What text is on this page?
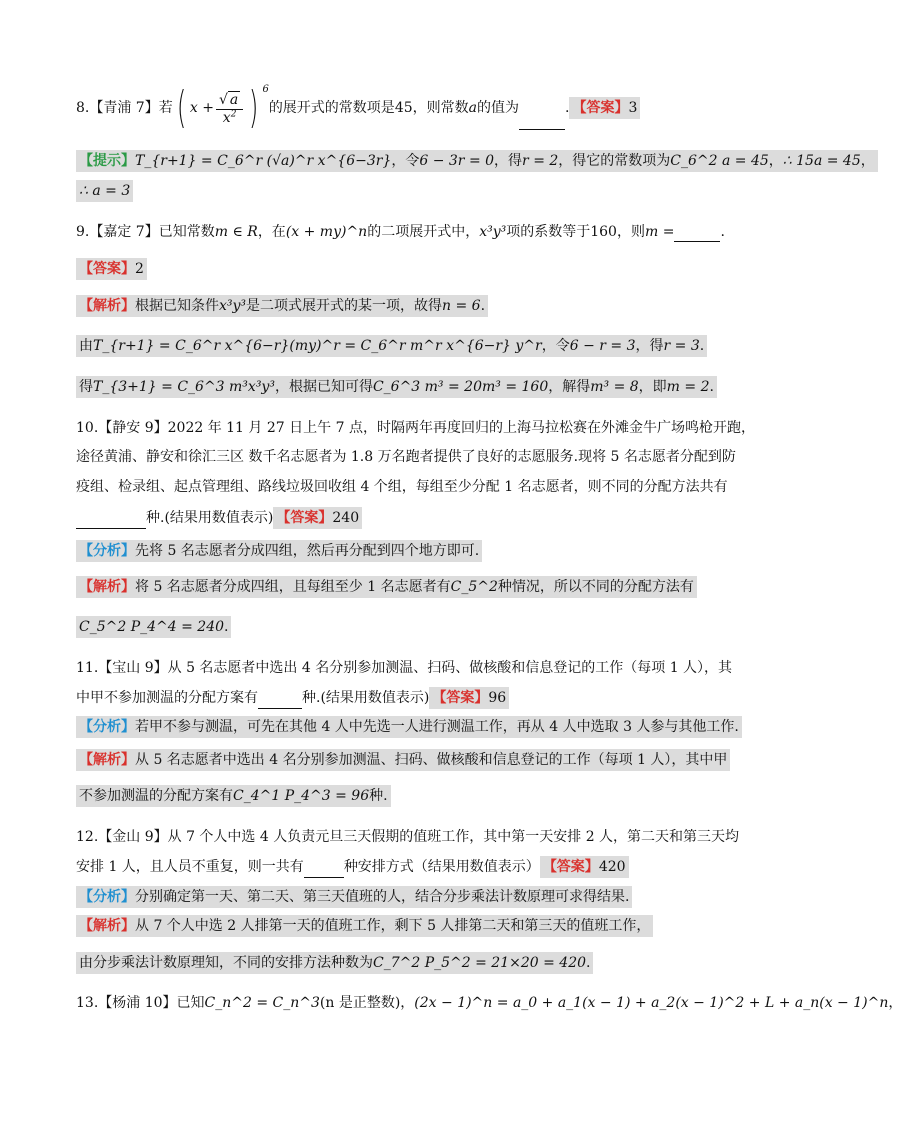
8.【青浦 7】若( $x + \frac{√ a}{x^2}$ ) $^6$的展开式的常数项是45，则常数a的值为	. 【答案】3
【提示】T_{r+1} = C_6^r (√a)^r x^{6−3r}，令6 − 3r = 0，得r = 2，得它的常数项为C_6^2 a = 45，∴ 15a = 45，
∴ a = 3
9.【嘉定 7】已知常数m ∈ R，在(x + my)^n的二项展开式中，x³y³项的系数等于160，则m =	.
【答案】2
【解析】根据已知条件x³y³是二项式展开式的某一项，故得n = 6.
由T_{r+1} = C_6^r x^{6−r}(my)^r = C_6^r m^r x^{6−r} y^r，令6 − r = 3，得r = 3.
得T_{3+1} = C_6^3 m³x³y³，根据已知可得C_6^3 m³ = 20m³ = 160，解得m³ = 8，即m = 2.
10.【静安 9】2022 年 11 月 27 日上午 7 点，时隔两年再度回归的上海马拉松赛在外滩金牛广场鸣枪开跑，
途径黄浦、静安和徐汇三区 数千名志愿者为 1.8 万名跑者提供了良好的志愿服务.现将 5 名志愿者分配到防
疫组、检录组、起点管理组、路线垃圾回收组 4 个组，每组至少分配 1 名志愿者，则不同的分配方法共有
种.(结果用数值表示) 【答案】240
【分析】先将 5 名志愿者分成四组，然后再分配到四个地方即可.
【解析】将 5 名志愿者分成四组，且每组至少 1 名志愿者有C_5^2种情况，所以不同的分配方法有
C_5^2 P_4^4 = 240.
11.【宝山 9】从 5 名志愿者中选出 4 名分别参加测温、扫码、做核酸和信息登记的工作（每项 1 人），其
中甲不参加测温的分配方案有	种.(结果用数值表示) 【答案】96
【分析】若甲不参与测温，可先在其他 4 人中先选一人进行测温工作，再从 4 人中选取 3 人参与其他工作.
【解析】从 5 名志愿者中选出 4 名分别参加测温、扫码、做核酸和信息登记的工作（每项 1 人），其中甲
不参加测温的分配方案有C_4^1 P_4^3 = 96种.
12.【金山 9】从 7 个人中选 4 人负责元旦三天假期的值班工作，其中第一天安排 2 人，第二天和第三天均
安排 1 人，且人员不重复，则一共有	种安排方式（结果用数值表示） 【答案】420
【分析】分别确定第一天、第二天、第三天值班的人，结合分步乘法计数原理可求得结果.
【解析】从 7 个人中选 2 人排第一天的值班工作，剩下 5 人排第二天和第三天的值班工作，
由分步乘法计数原理知，不同的安排方法种数为C_7^2 P_5^2 = 21×20 = 420.
13.【杨浦 10】已知C_n^2 = C_n^3(n 是正整数)，(2x − 1)^n = a_0 + a_1(x − 1) + a_2(x − 1)^2 + L + a_n(x − 1)^n，
